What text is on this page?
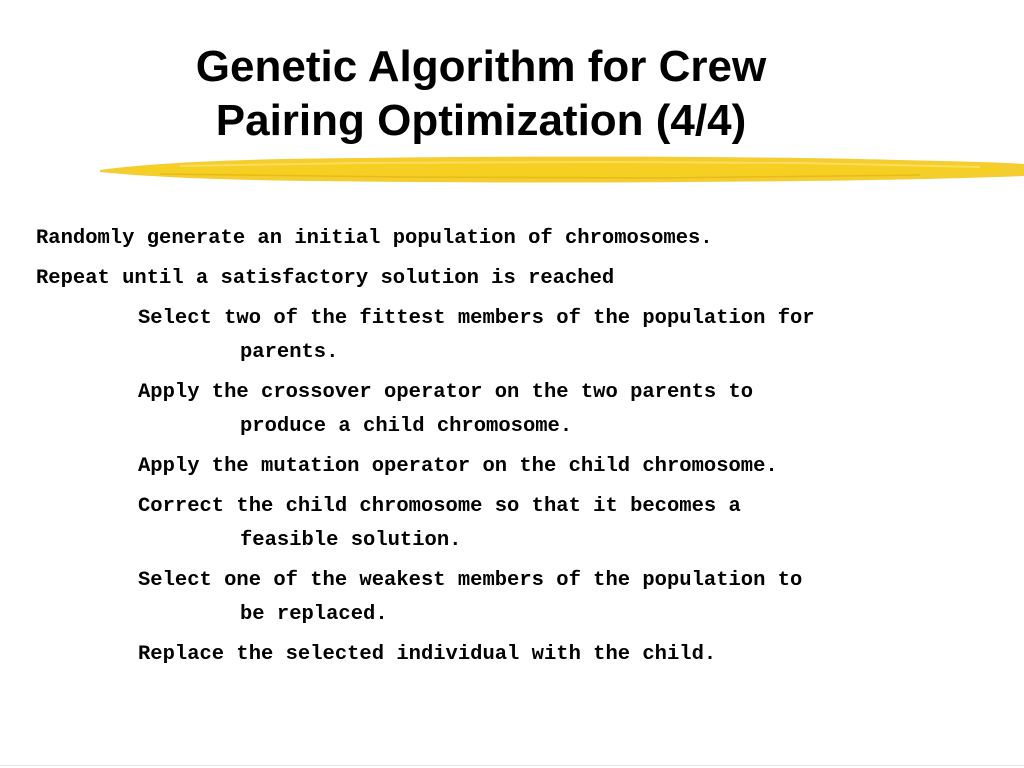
Genetic Algorithm for Crew
Pairing Optimization (4/4)
Randomly generate an initial population of chromosomes.
Repeat until a satisfactory solution is reached
Select two of the fittest members of the population for
parents.
Apply the crossover operator on the two parents to
produce a child chromosome.
Apply the mutation operator on the child chromosome.
Correct the child chromosome so that it becomes a
feasible solution.
Select one of the weakest members of the population to
be replaced.
Replace the selected individual with the child.
